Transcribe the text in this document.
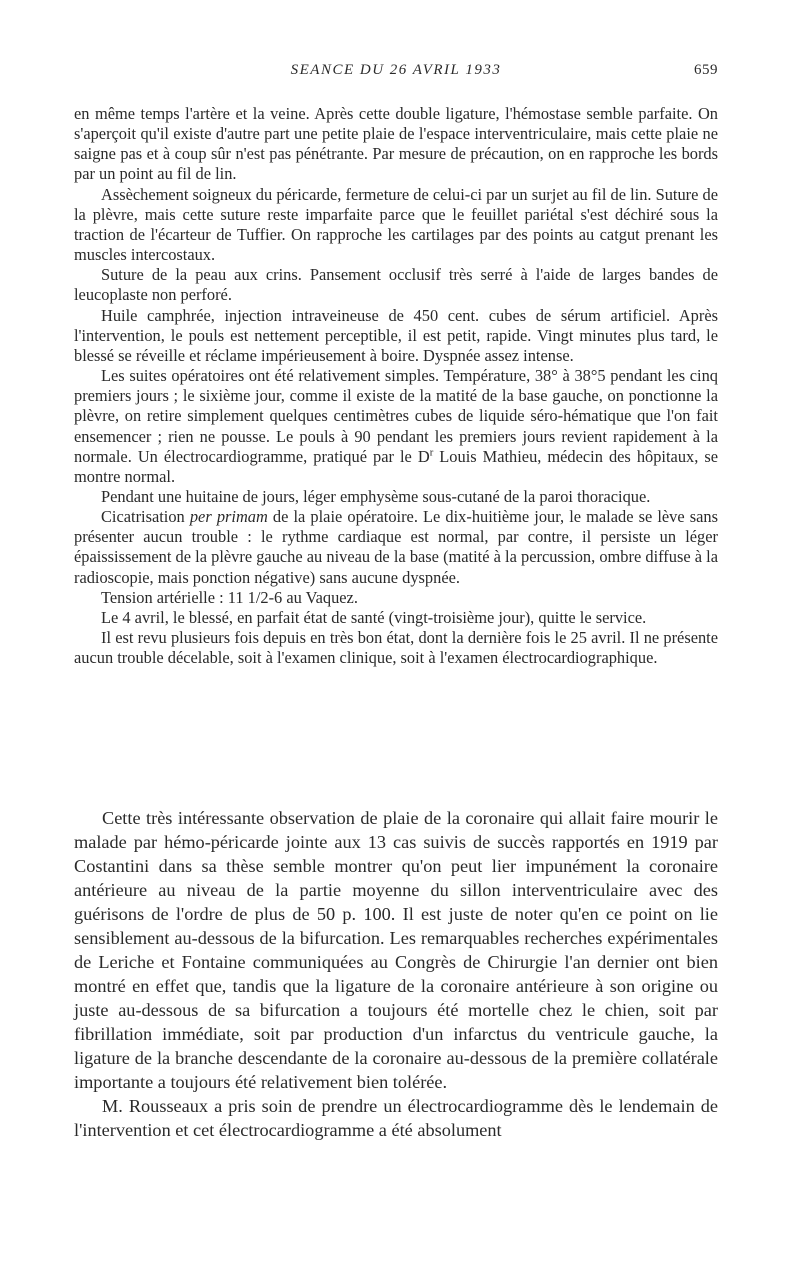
SEANCE DU 26 AVRIL 1933	659

en même temps l'artère et la veine. Après cette double ligature, l'hémostase semble parfaite. On s'aperçoit qu'il existe d'autre part une petite plaie de l'espace interventriculaire, mais cette plaie ne saigne pas et à coup sûr n'est pas pénétrante. Par mesure de précaution, on en rapproche les bords par un point au fil de lin.

Assèchement soigneux du péricarde, fermeture de celui-ci par un surjet au fil de lin. Suture de la plèvre, mais cette suture reste imparfaite parce que le feuillet pariétal s'est déchiré sous la traction de l'écarteur de Tuffier. On rapproche les cartilages par des points au catgut prenant les muscles intercostaux.

Suture de la peau aux crins. Pansement occlusif très serré à l'aide de larges bandes de leucoplaste non perforé.

Huile camphrée, injection intraveineuse de 450 cent. cubes de sérum artificiel. Après l'intervention, le pouls est nettement perceptible, il est petit, rapide. Vingt minutes plus tard, le blessé se réveille et réclame impérieusement à boire. Dyspnée assez intense.

Les suites opératoires ont été relativement simples. Température, 38° à 38°5 pendant les cinq premiers jours ; le sixième jour, comme il existe de la matité de la base gauche, on ponctionne la plèvre, on retire simplement quelques centimètres cubes de liquide séro-hématique que l'on fait ensemencer ; rien ne pousse. Le pouls à 90 pendant les premiers jours revient rapidement à la normale. Un électrocardiogramme, pratiqué par le $D^r$ Louis Mathieu, médecin des hôpitaux, se montre normal.

Pendant une huitaine de jours, léger emphysème sous-cutané de la paroi thoracique.

Cicatrisation per primam de la plaie opératoire. Le dix-huitième jour, le malade se lève sans présenter aucun trouble : le rythme cardiaque est normal, par contre, il persiste un léger épaississement de la plèvre gauche au niveau de la base (matité à la percussion, ombre diffuse à la radioscopie, mais ponction négative) sans aucune dyspnée.

Tension artérielle : 11 1/2-6 au Vaquez.

Le 4 avril, le blessé, en parfait état de santé (vingt-troisième jour), quitte le service.

Il est revu plusieurs fois depuis en très bon état, dont la dernière fois le 25 avril. Il ne présente aucun trouble décelable, soit à l'examen clinique, soit à l'examen électrocardiographique.

Cette très intéressante observation de plaie de la coronaire qui allait faire mourir le malade par hémo-péricarde jointe aux 13 cas suivis de succès rapportés en 1919 par Costantini dans sa thèse semble montrer qu'on peut lier impunément la coronaire antérieure au niveau de la partie moyenne du sillon interventriculaire avec des guérisons de l'ordre de plus de 50 p. 100. Il est juste de noter qu'en ce point on lie sensiblement au-dessous de la bifurcation. Les remarquables recherches expérimentales de Leriche et Fontaine communiquées au Congrès de Chirurgie l'an dernier ont bien montré en effet que, tandis que la ligature de la coronaire antérieure à son origine ou juste au-dessous de sa bifurcation a toujours été mortelle chez le chien, soit par fibrillation immédiate, soit par production d'un infarctus du ventricule gauche, la ligature de la branche descendante de la coronaire au-dessous de la première collatérale importante a toujours été relativement bien tolérée.

M. Rousseaux a pris soin de prendre un électrocardiogramme dès le lendemain de l'intervention et cet électrocardiogramme a été absolument
